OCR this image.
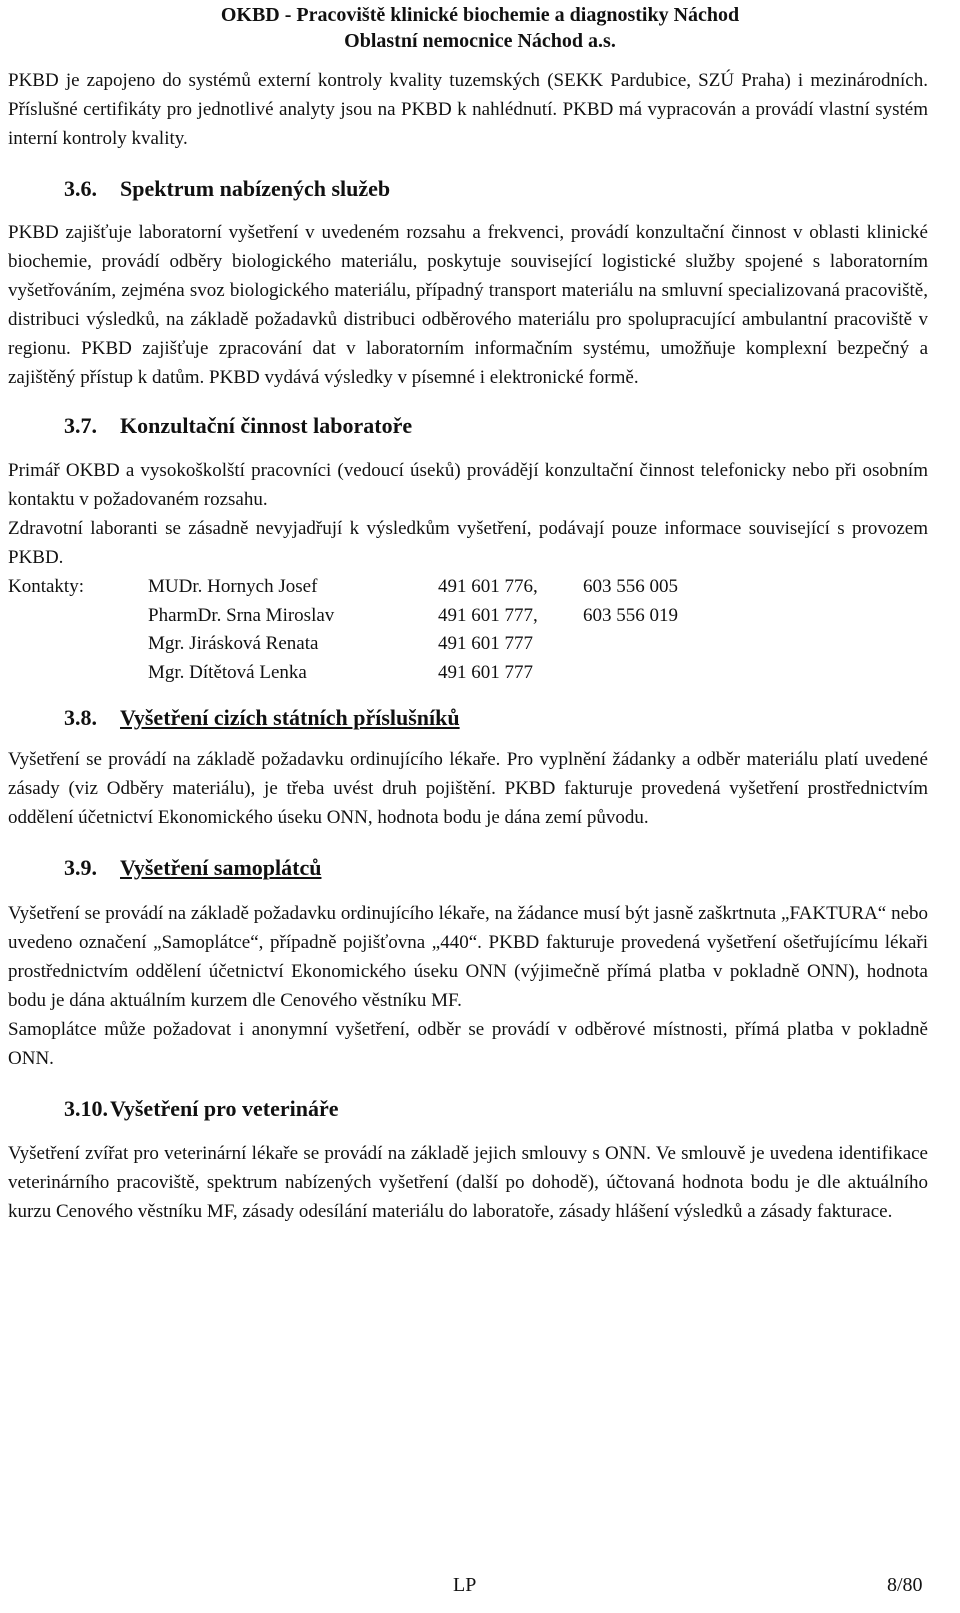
OKBD - Pracoviště klinické biochemie a diagnostiky Náchod
Oblastní nemocnice Náchod a.s.

PKBD je zapojeno do systémů externí kontroly kvality tuzemských (SEKK Pardubice, SZÚ Praha) i mezinárodních. Příslušné certifikáty pro jednotlivé analyty jsou na PKBD k nahlédnutí. PKBD má vypracován a provádí vlastní systém interní kontroly kvality.

3.6. Spektrum nabízených služeb

PKBD zajišťuje laboratorní vyšetření v uvedeném rozsahu a frekvenci, provádí konzultační činnost v oblasti klinické biochemie, provádí odběry biologického materiálu, poskytuje související logistické služby spojené s laboratorním vyšetřováním, zejména svoz biologického materiálu, případný transport materiálu na smluvní specializovaná pracoviště, distribuci výsledků, na základě požadavků distribuci odběrového materiálu pro spolupracující ambulantní pracoviště v regionu. PKBD zajišťuje zpracování dat v laboratorním informačním systému, umožňuje komplexní bezpečný a zajištěný přístup k datům. PKBD vydává výsledky v písemné i elektronické formě.

3.7. Konzultační činnost laboratoře

Primář OKBD a vysokoškolští pracovníci (vedoucí úseků) provádějí konzultační činnost telefonicky nebo při osobním kontaktu v požadovaném rozsahu.

Zdravotní laboranti se zásadně nevyjadřují k výsledkům vyšetření, podávají pouze informace související s provozem PKBD.

Kontakty:	MUDr. Hornych Josef	491 601 776, 603 556 005
PharmDr. Srna Miroslav	491 601 777, 603 556 019
Mgr. Jirásková Renata	491 601 777
Mgr. Dítětová Lenka	491 601 777
3.8. Vyšetření cizích státních příslušníků

Vyšetření se provádí na základě požadavku ordinujícího lékaře. Pro vyplnění žádanky a odběr materiálu platí uvedené zásady (viz Odběry materiálu), je třeba uvést druh pojištění. PKBD fakturuje provedená vyšetření prostřednictvím oddělení účetnictví Ekonomického úseku ONN, hodnota bodu je dána zemí původu.

3.9. Vyšetření samoplátců

Vyšetření se provádí na základě požadavku ordinujícího lékaře, na žádance musí být jasně zaškrtnuta „FAKTURA“ nebo uvedeno označení „Samoplátce“, případně pojišťovna „440“. PKBD fakturuje provedená vyšetření ošetřujícímu lékaři prostřednictvím oddělení účetnictví Ekonomického úseku ONN (výjimečně přímá platba v pokladně ONN), hodnota bodu je dána aktuálním kurzem dle Cenového věstníku MF.

Samoplátce může požadovat i anonymní vyšetření, odběr se provádí v odběrové místnosti, přímá platba v pokladně ONN.

3.10.Vyšetření pro veterináře

Vyšetření zvířat pro veterinární lékaře se provádí na základě jejich smlouvy s ONN. Ve smlouvě je uvedena identifikace veterinárního pracoviště, spektrum nabízených vyšetření (další po dohodě), účtovaná hodnota bodu je dle aktuálního kurzu Cenového věstníku MF, zásady odesílání materiálu do laboratoře, zásady hlášení výsledků a zásady fakturace.

LP	8/80
